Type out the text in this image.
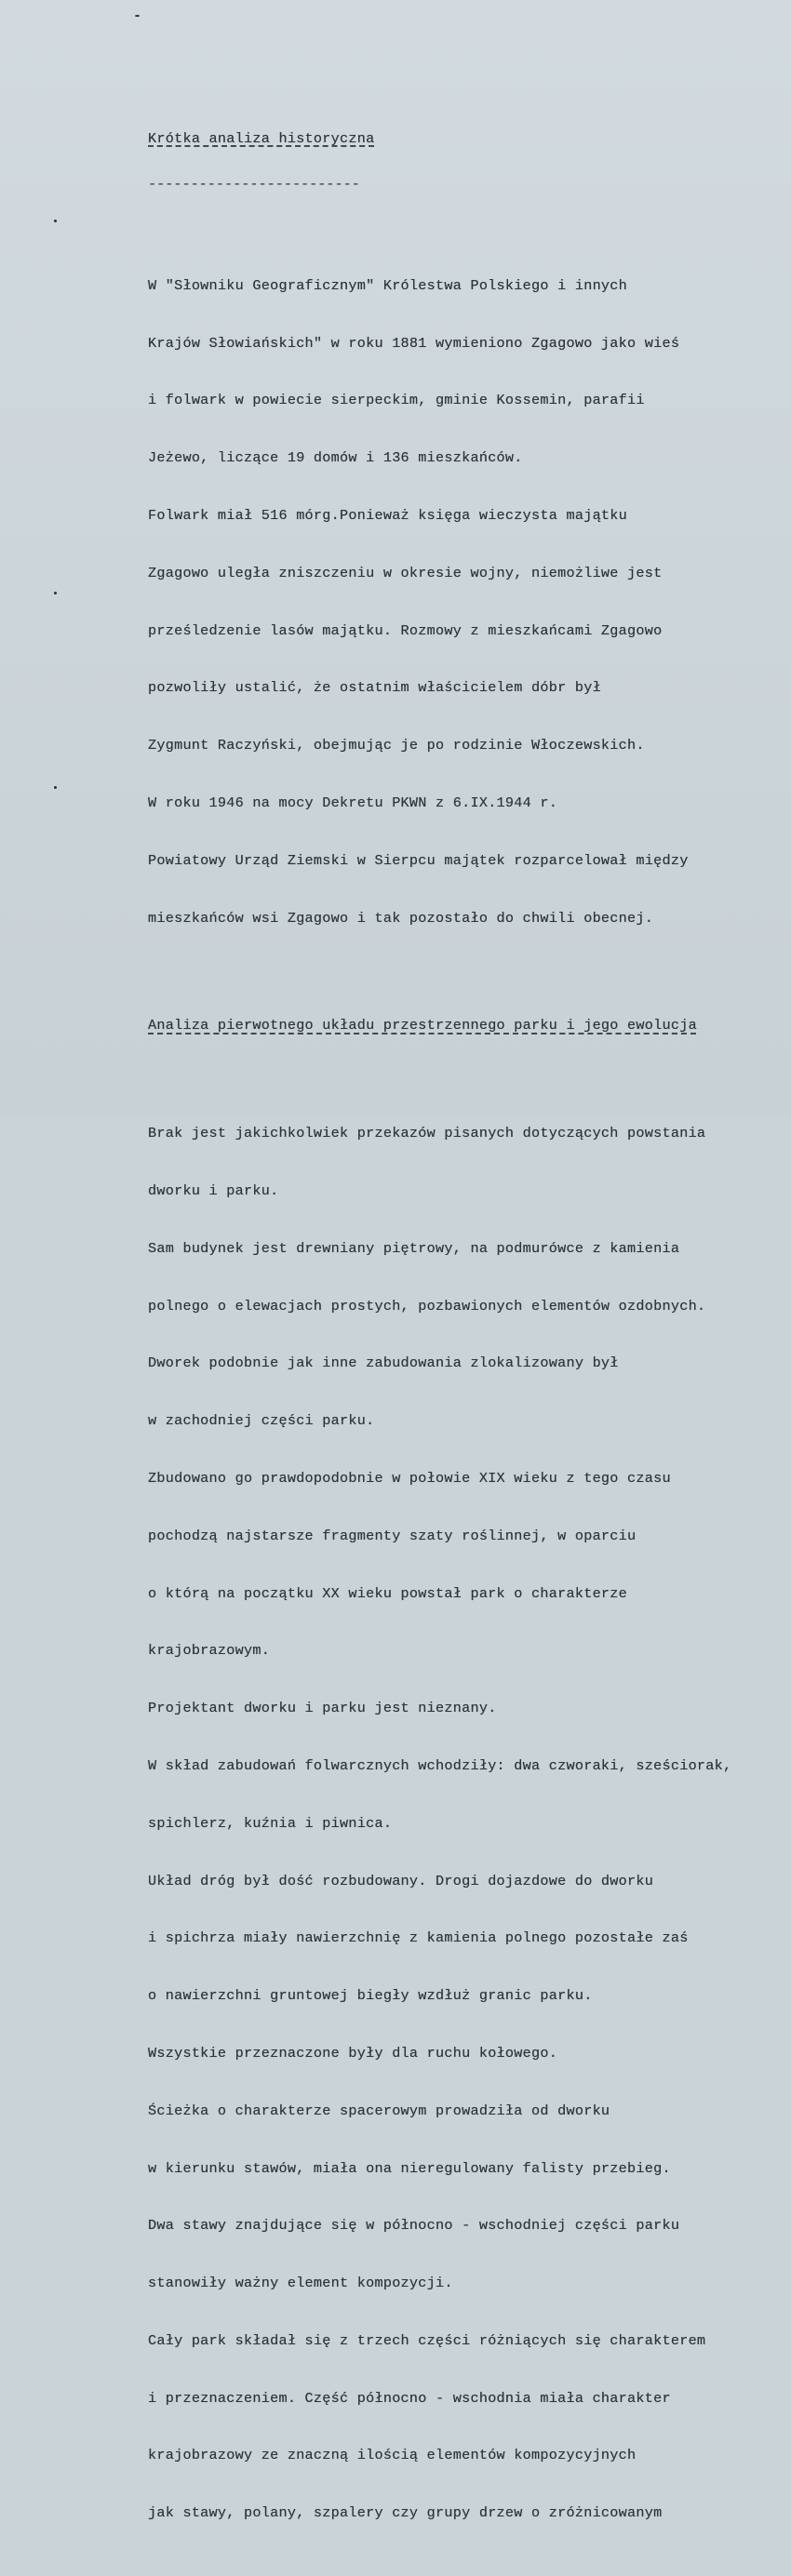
Krótka analiza historyczna

-------------------------

W "Słowniku Geograficznym" Królestwa Polskiego i innych

Krajów Słowiańskich" w roku 1881 wymieniono Zgagowo jako wieś

i folwark w powiecie sierpeckim, gminie Kossemin, parafii

Jeżewo, liczące 19 domów i 136 mieszkańców.

Folwark miał 516 mórg.Ponieważ księga wieczysta majątku

Zgagowo uległa zniszczeniu w okresie wojny, niemożliwe jest

prześledzenie lasów majątku. Rozmowy z mieszkańcami Zgagowo

pozwoliły ustalić, że ostatnim właścicielem dóbr był

Zygmunt Raczyński, obejmując je po rodzinie Włoczewskich.

W roku 1946 na mocy Dekretu PKWN z 6.IX.1944 r.

Powiatowy Urząd Ziemski w Sierpcu majątek rozparcelował między

mieszkańców wsi Zgagowo i tak pozostało do chwili obecnej.

Analiza pierwotnego układu przestrzennego parku i jego ewolucja

Brak jest jakichkolwiek przekazów pisanych dotyczących powstania

dworku i parku.

Sam budynek jest drewniany piętrowy, na podmurówce z kamienia

polnego o elewacjach prostych, pozbawionych elementów ozdobnych.

Dworek podobnie jak inne zabudowania zlokalizowany był

w zachodniej części parku.

Zbudowano go prawdopodobnie w połowie XIX wieku z tego czasu

pochodzą najstarsze fragmenty szaty roślinnej, w oparciu

o którą na początku XX wieku powstał park o charakterze

krajobrazowym.

Projektant dworku i parku jest nieznany.

W skład zabudowań folwarcznych wchodziły: dwa czworaki, sześciorak,

spichlerz, kuźnia i piwnica.

Układ dróg był dość rozbudowany. Drogi dojazdowe do dworku

i spichrza miały nawierzchnię z kamienia polnego pozostałe zaś

o nawierzchni gruntowej biegły wzdłuż granic parku.

Wszystkie przeznaczone były dla ruchu kołowego.

Ścieżka o charakterze spacerowym prowadziła od dworku

w kierunku stawów, miała ona nieregulowany falisty przebieg.

Dwa stawy znajdujące się w północno - wschodniej części parku

stanowiły ważny element kompozycji.

Cały park składał się z trzech części różniących się charakterem

i przeznaczeniem. Część północno - wschodnia miała charakter

krajobrazowy ze znaczną ilością elementów kompozycyjnych

jak stawy, polany, szpalery czy grupy drzew o zróżnicowanym
